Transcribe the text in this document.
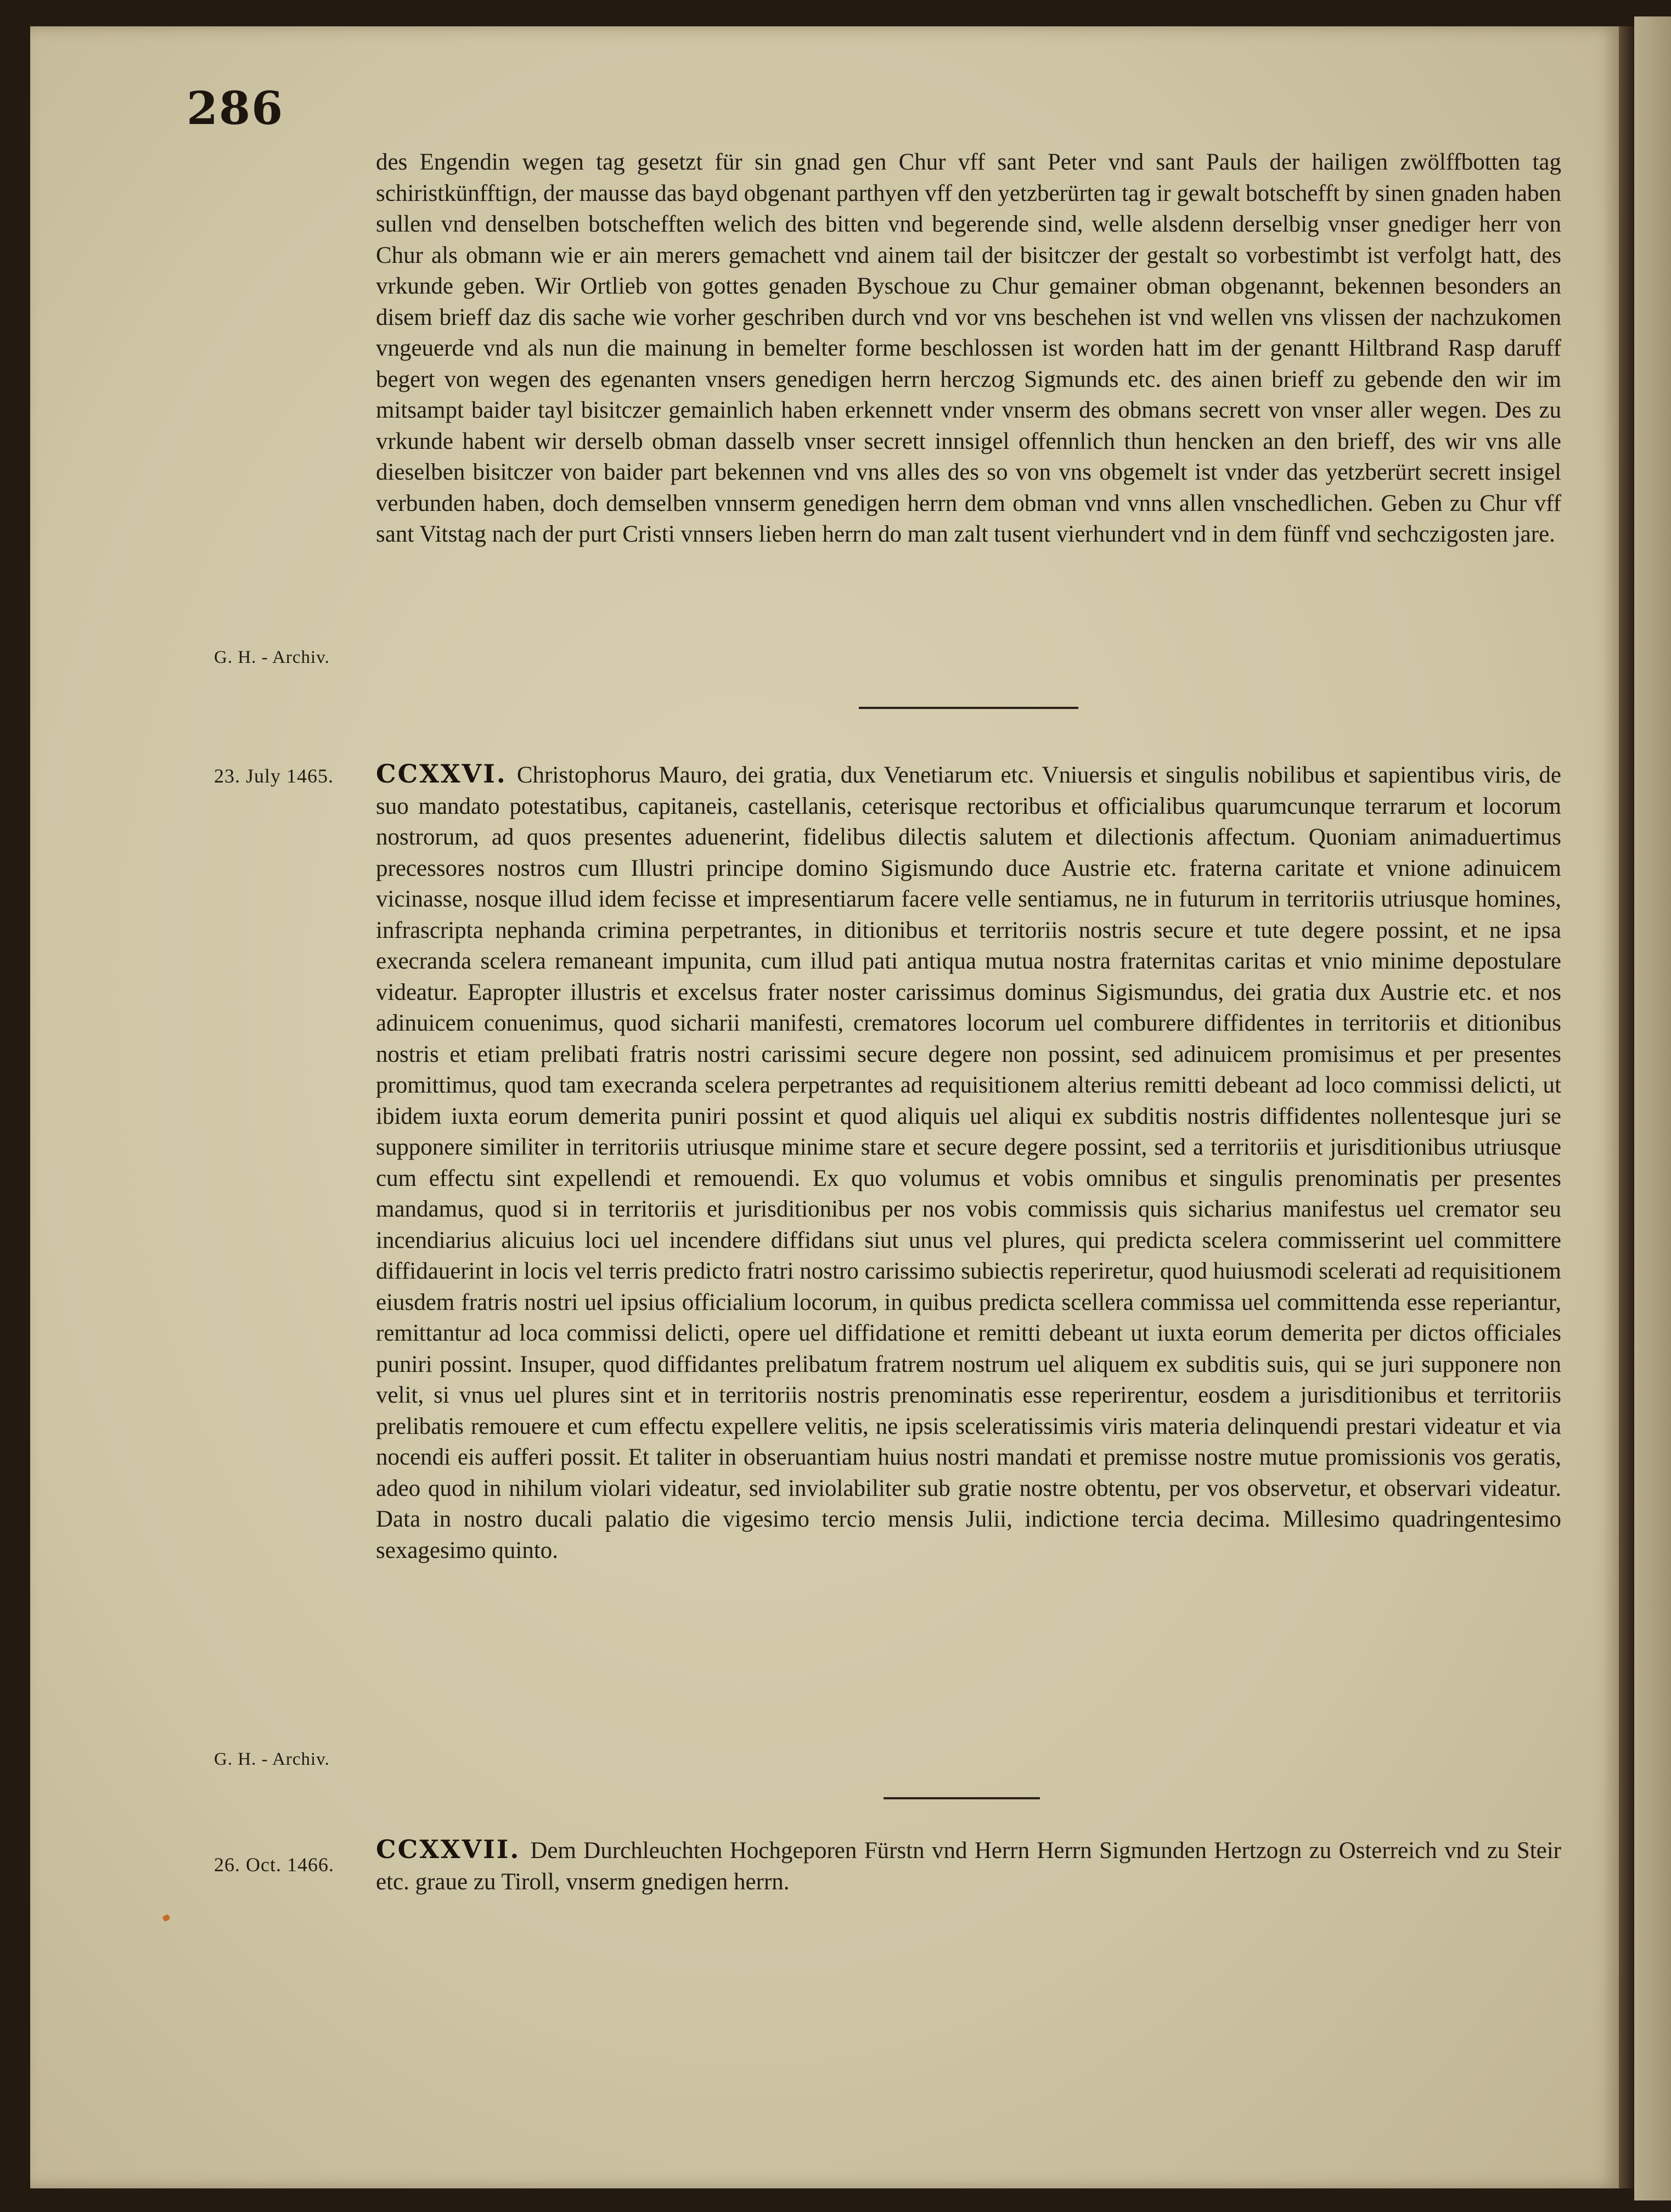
286

des Engendin wegen tag gesetzt für sin gnad gen Chur vff sant Peter vnd sant Pauls der hailigen zwölffbotten tag schiristkünfftign, der mausse das bayd obgenant parthyen vff den yetzberürten tag ir gewalt botschefft by sinen gnaden haben sullen vnd denselben botschefften welich des bitten vnd begerende sind, welle alsdenn derselbig vnser gnediger herr von Chur als obmann wie er ain merers gemachett vnd ainem tail der bisitczer der gestalt so vorbestimbt ist verfolgt hatt, des vrkunde geben. Wir Ortlieb von gottes genaden Byschoue zu Chur gemainer obman obgenannt, bekennen besonders an disem brieff daz dis sache wie vorher geschriben durch vnd vor vns beschehen ist vnd wellen vns vlissen der nachzukomen vngeuerde vnd als nun die mainung in bemelter forme beschlossen ist worden hatt im der genantt Hiltbrand Rasp daruff begert von wegen des egenanten vnsers genedigen herrn herczog Sigmunds etc. des ainen brieff zu gebende den wir im mitsampt baider tayl bisitczer gemainlich haben erkennett vnder vnserm des obmans secrett von vnser aller wegen. Des zu vrkunde habent wir derselb obman dasselb vnser secrett innsigel offennlich thun hencken an den brieff, des wir vns alle dieselben bisitczer von baider part bekennen vnd vns alles des so von vns obgemelt ist vnder das yetzberürt secrett insigel verbunden haben, doch demselben vnnserm genedigen herrn dem obman vnd vnns allen vnschedlichen. Geben zu Chur vff sant Vitstag nach der purt Cristi vnnsers lieben herrn do man zalt tusent vierhundert vnd in dem fünff vnd sechczigosten jare.

G. H. - Archiv.
23. July 1465. CCXXVI. Christophorus Mauro, dei gratia, dux Venetiarum etc. Vniuersis et singulis nobilibus et sapientibus viris, de suo mandato potestatibus, capitaneis, castellanis, ceterisque rectoribus et officialibus quarumcunque terrarum et locorum nostrorum, ad quos presentes aduenerint, fidelibus dilectis salutem et dilectionis affectum. Quoniam animaduertimus precessores nostros cum Illustri principe domino Sigismundo duce Austrie etc. fraterna caritate et vnione adinuicem vicinasse, nosque illud idem fecisse et impresentiarum facere velle sentiamus, ne in futurum in territoriis utriusque homines, infrascripta nephanda crimina perpetrantes, in ditionibus et territoriis nostris secure et tute degere possint, et ne ipsa execranda scelera remaneant impunita, cum illud pati antiqua mutua nostra fraternitas caritas et vnio minime depostulare videatur. Eapropter illustris et excelsus frater noster carissimus dominus Sigismundus, dei gratia dux Austrie etc. et nos adinuicem conuenimus, quod sicharii manifesti, crematores locorum uel comburere diffidentes in territoriis et ditionibus nostris et etiam prelibati fratris nostri carissimi secure degere non possint, sed adinuicem promisimus et per presentes promittimus, quod tam execranda scelera perpetrantes ad requisitionem alterius remitti debeant ad loco commissi delicti, ut ibidem iuxta eorum demerita puniri possint et quod aliquis uel aliqui ex subditis nostris diffidentes nollentesque juri se supponere similiter in territoriis utriusque minime stare et secure degere possint, sed a territoriis et jurisditionibus utriusque cum effectu sint expellendi et remouendi. Ex quo volumus et vobis omnibus et singulis prenominatis per presentes mandamus, quod si in territoriis et jurisditionibus per nos vobis commissis quis sicharius manifestus uel cremator seu incendiarius alicuius loci uel incendere diffidans siut unus vel plures, qui predicta scelera commisserint uel committere diffidauerint in locis vel terris predicto fratri nostro carissimo subiectis reperiretur, quod huiusmodi scelerati ad requisitionem eiusdem fratris nostri uel ipsius officialium locorum, in quibus predicta scellera commissa uel committenda esse reperiantur, remittantur ad loca commissi delicti, opere uel diffidatione et remitti debeant ut iuxta eorum demerita per dictos officiales puniri possint. Insuper, quod diffidantes prelibatum fratrem nostrum uel aliquem ex subditis suis, qui se juri supponere non velit, si vnus uel plures sint et in territoriis nostris prenominatis esse reperirentur, eosdem a jurisditionibus et territoriis prelibatis remouere et cum effectu expellere velitis, ne ipsis sceleratissimis viris materia delinquendi prestari videatur et via nocendi eis aufferi possit. Et taliter in obseruantiam huius nostri mandati et premisse nostre mutue promissionis vos geratis, adeo quod in nihilum violari videatur, sed inviolabiliter sub gratie nostre obtentu, per vos observetur, et observari videatur. Data in nostro ducali palatio die vigesimo tercio mensis Julii, indictione tercia decima. Millesimo quadringentesimo sexagesimo quinto.

G. H. - Archiv.
26. Oct. 1466.

CCXXVII. Dem Durchleuchten Hochgeporen Fürstn vnd Herrn Herrn Sigmunden Hertzogn zu Osterreich vnd zu Steir etc. graue zu Tiroll, vnserm gnedigen herrn.
